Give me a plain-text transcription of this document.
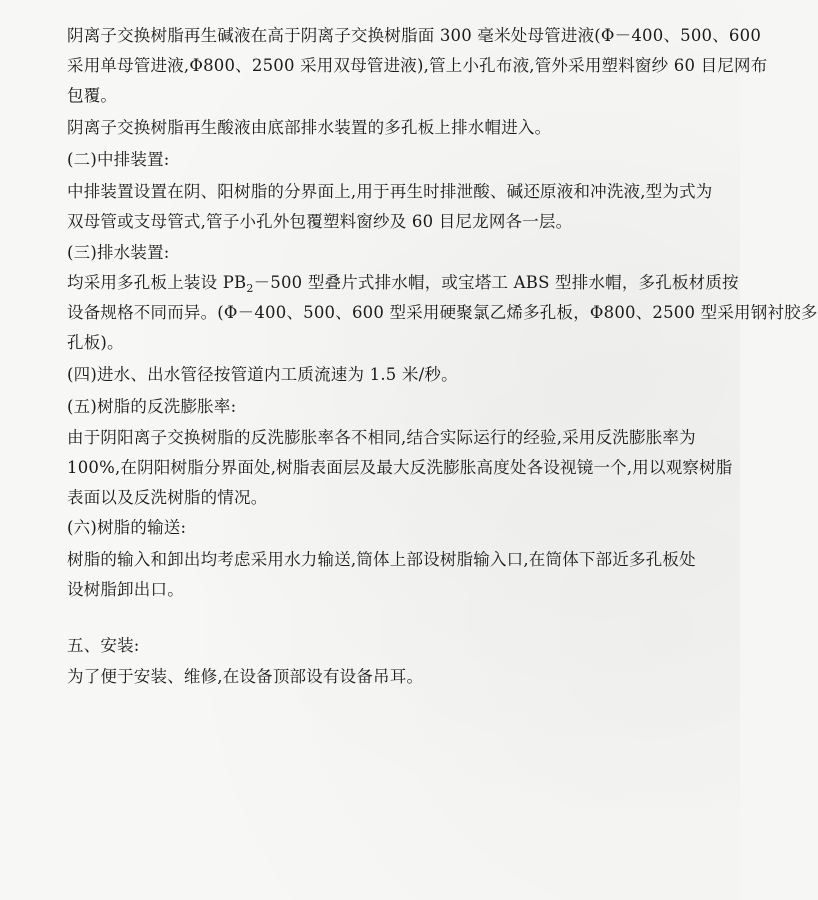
阴离子交换树脂再生碱液在高于阴离子交换树脂面 300 毫米处母管进液(Φ－400、500、600
采用单母管进液,Φ800、2500 采用双母管进液),管上小孔布液,管外采用塑料窗纱 60 目尼网布
包覆。
阴离子交换树脂再生酸液由底部排水装置的多孔板上排水帽进入。
(二)中排装置:
中排装置设置在阴、阳树脂的分界面上,用于再生时排泄酸、碱还原液和冲洗液,型为式为
双母管或支母管式,管子小孔外包覆塑料窗纱及 60 目尼龙网各一层。
(三)排水装置:
均采用多孔板上装设 $PB_2-500$ 型叠片式排水帽，或宝塔工 ABS 型排水帽，多孔板材质按
设备规格不同而异。(Φ－400、500、600 型采用硬聚氯乙烯多孔板，Φ800、2500 型采用钢衬胶多
孔板)。
(四)进水、出水管径按管道内工质流速为 1.5 米/秒。
(五)树脂的反洗膨胀率:
由于阴阳离子交换树脂的反洗膨胀率各不相同,结合实际运行的经验,采用反洗膨胀率为
100%,在阴阳树脂分界面处,树脂表面层及最大反洗膨胀高度处各设视镜一个,用以观察树脂
表面以及反洗树脂的情况。
(六)树脂的输送:
树脂的输入和卸出均考虑采用水力输送,筒体上部设树脂输入口,在筒体下部近多孔板处
设树脂卸出口。
五、安装:
为了便于安装、维修,在设备顶部设有设备吊耳。
